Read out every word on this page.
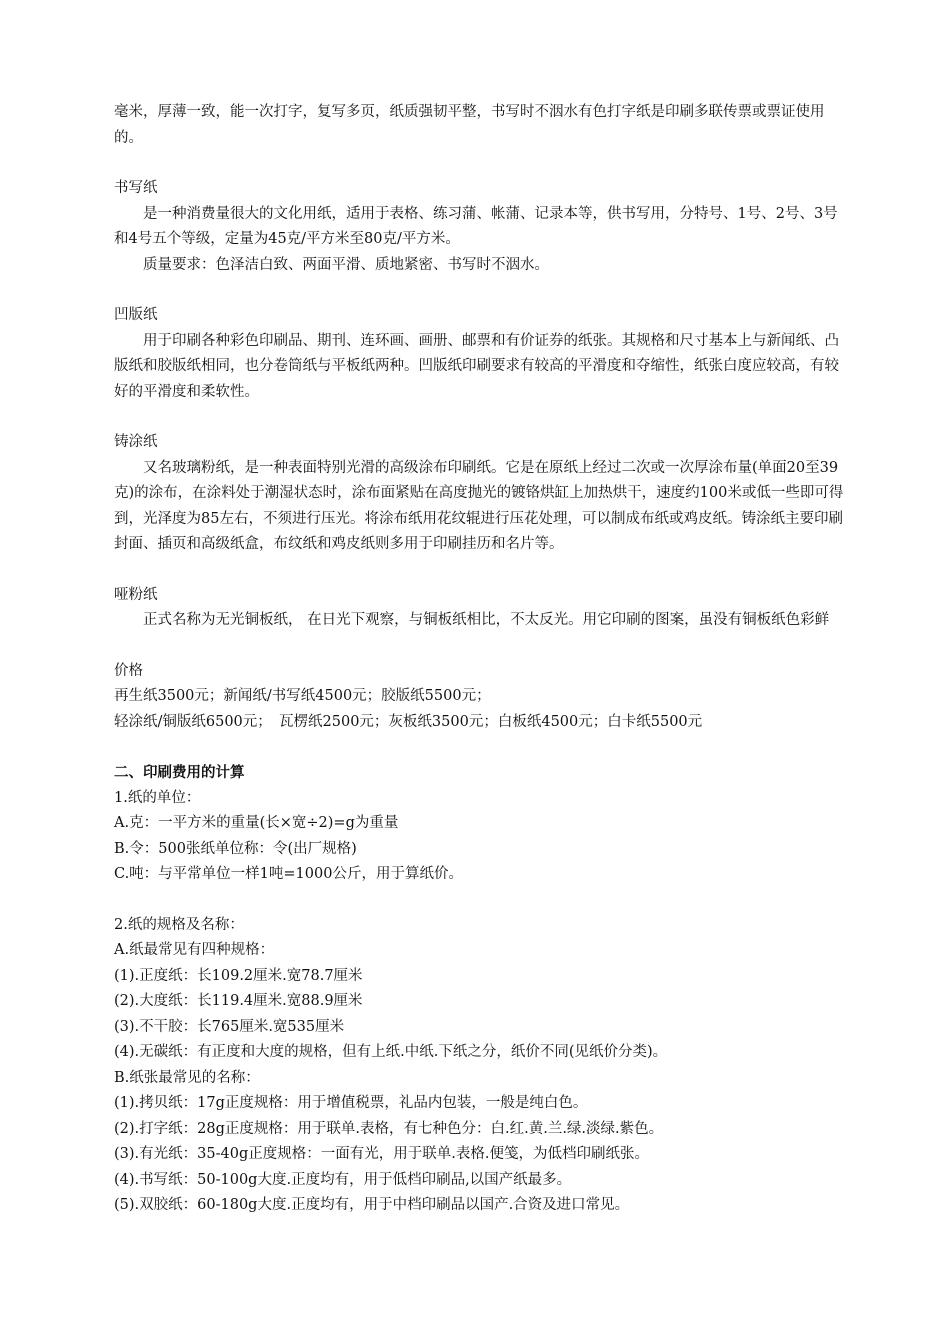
毫米，厚薄一致，能一次打字，复写多页，纸质强韧平整，书写时不洇水有色打字纸是印刷多联传票或票证使用的。

书写纸

是一种消费量很大的文化用纸，适用于表格、练习蒲、帐蒲、记录本等，供书写用，分特号、1号、2号、3号和4号五个等级，定量为45克/平方米至80克/平方米。

质量要求：色泽洁白致、两面平滑、质地紧密、书写时不洇水。

凹版纸

用于印刷各种彩色印刷品、期刊、连环画、画册、邮票和有价证券的纸张。其规格和尺寸基本上与新闻纸、凸版纸和胶版纸相同，也分卷筒纸与平板纸两种。凹版纸印刷要求有较高的平滑度和夺缩性，纸张白度应较高，有较好的平滑度和柔软性。

铸涂纸

又名玻璃粉纸，是一种表面特别光滑的高级涂布印刷纸。它是在原纸上经过二次或一次厚涂布量(单面20至39克)的涂布，在涂料处于潮湿状态时，涂布面紧贴在高度抛光的镀铬烘缸上加热烘干，速度约100米或低一些即可得到，光泽度为85左右，不须进行压光。将涂布纸用花纹辊进行压花处理，可以制成布纸或鸡皮纸。铸涂纸主要印刷封面、插页和高级纸盒，布纹纸和鸡皮纸则多用于印刷挂历和名片等。

哑粉纸

正式名称为无光铜板纸， 在日光下观察，与铜板纸相比，不太反光。用它印刷的图案，虽没有铜板纸色彩鲜

价格

再生纸3500元；新闻纸/书写纸4500元；胶版纸5500元；

轻涂纸/铜版纸6500元；　瓦楞纸2500元；灰板纸3500元；白板纸4500元；白卡纸5500元

二、印刷费用的计算

1.纸的单位：

A.克：一平方米的重量(长×宽÷2)=g为重量

B.令：500张纸单位称：令(出厂规格)

C.吨：与平常单位一样1吨=1000公斤，用于算纸价。

2.纸的规格及名称：

A.纸最常见有四种规格：

(1).正度纸：长109.2厘米.宽78.7厘米

(2).大度纸：长119.4厘米.宽88.9厘米

(3).不干胶：长765厘米.宽535厘米

(4).无碳纸：有正度和大度的规格，但有上纸.中纸.下纸之分，纸价不同(见纸价分类)。

B.纸张最常见的名称：

(1).拷贝纸：17g正度规格：用于增值税票，礼品内包装，一般是纯白色。

(2).打字纸：28g正度规格：用于联单.表格，有七种色分：白.红.黄.兰.绿.淡绿.紫色。

(3).有光纸：35-40g正度规格：一面有光，用于联单.表格.便笺，为低档印刷纸张。

(4).书写纸：50-100g大度.正度均有，用于低档印刷品,以国产纸最多。

(5).双胶纸：60-180g大度.正度均有，用于中档印刷品以国产.合资及进口常见。
